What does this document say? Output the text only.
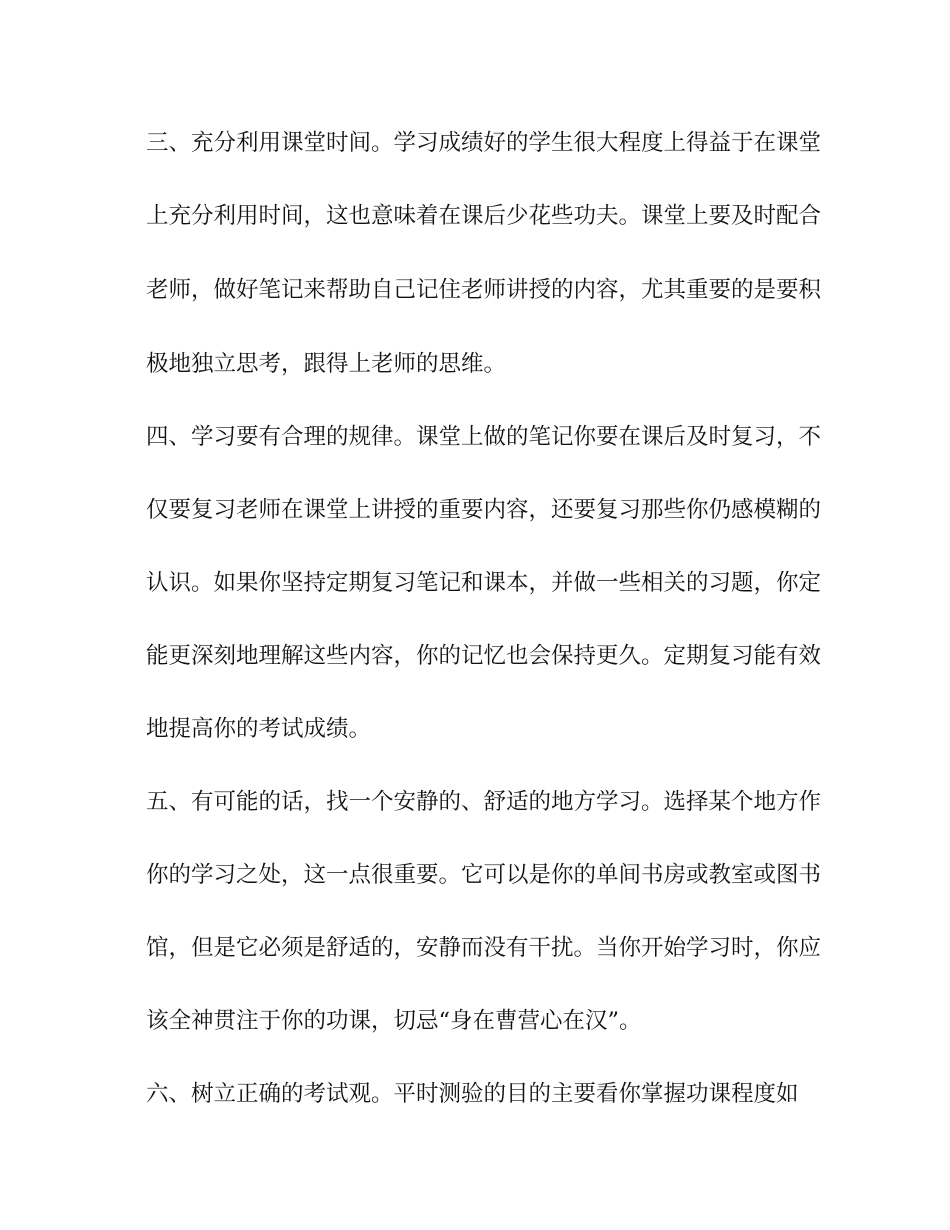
三、充分利用课堂时间。学习成绩好的学生很大程度上得益于在课堂
上充分利用时间，这也意味着在课后少花些功夫。课堂上要及时配合
老师，做好笔记来帮助自己记住老师讲授的内容，尤其重要的是要积
极地独立思考，跟得上老师的思维。
四、学习要有合理的规律。课堂上做的笔记你要在课后及时复习，不
仅要复习老师在课堂上讲授的重要内容，还要复习那些你仍感模糊的
认识。如果你坚持定期复习笔记和课本，并做一些相关的习题，你定
能更深刻地理解这些内容，你的记忆也会保持更久。定期复习能有效
地提高你的考试成绩。
五、有可能的话，找一个安静的、舒适的地方学习。选择某个地方作
你的学习之处，这一点很重要。它可以是你的单间书房或教室或图书
馆，但是它必须是舒适的，安静而没有干扰。当你开始学习时，你应
该全神贯注于你的功课，切忌“身在曹营心在汉”。
六、树立正确的考试观。平时测验的目的主要看你掌握功课程度如
